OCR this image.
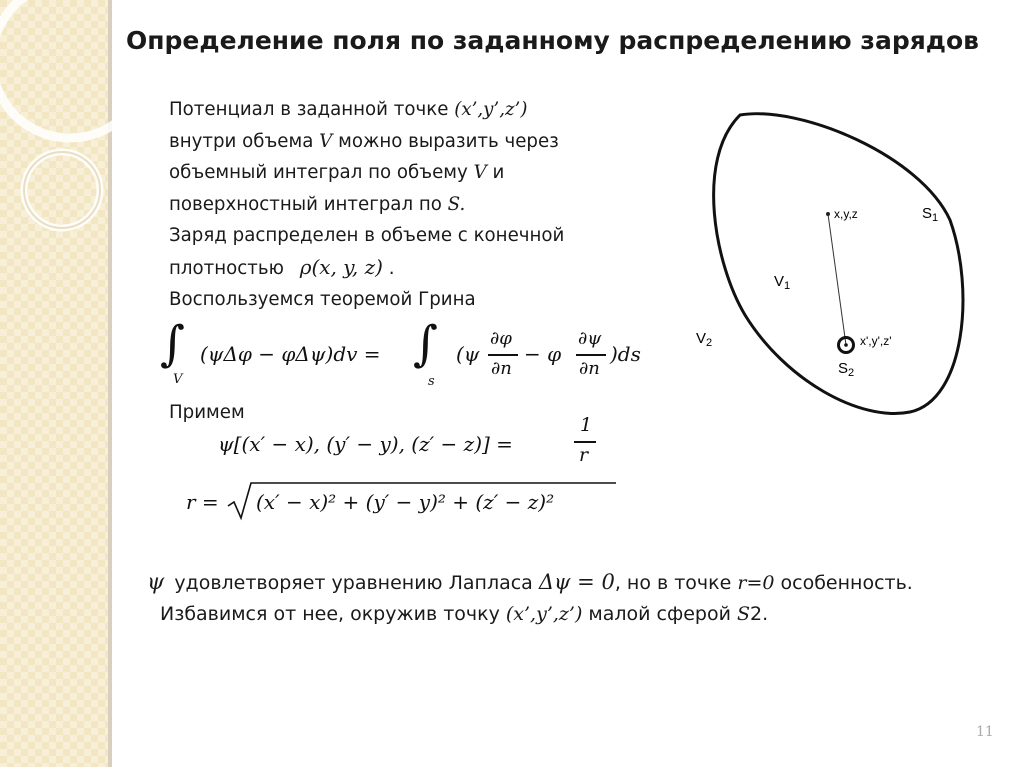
Определение поля по заданному распределению зарядов
Потенциал в заданной точке (x’,y’,z’)
внутри объема V можно выразить через
объемный интеграл по объему V и
поверхностный интеграл по S.
Заряд распределен в объеме с конечной
плотностью ρ(x, y, z) .
Воспользуемся теоремой Грина
∫
V
(ψΔφ − φΔψ)dv = ∫
s
(ψ
∂φ
∂n
− φ
∂ψ
∂n
)ds
Примем
ψ[(x′ − x), (y′ − y), (z′ − z)] =
1
r
r = (x′ − x)² + (y′ − y)² + (z′ − z)²
ψ удовлетворяет уравнению Лапласа Δψ = 0, но в точке r=0 особенность.
Избавимся от нее, окружив точку (x’,y’,z’) малой сферой S2.
x,y,z	$S_1$
$V_1$
$V_2$	x',y',z'
$S_2$
11
